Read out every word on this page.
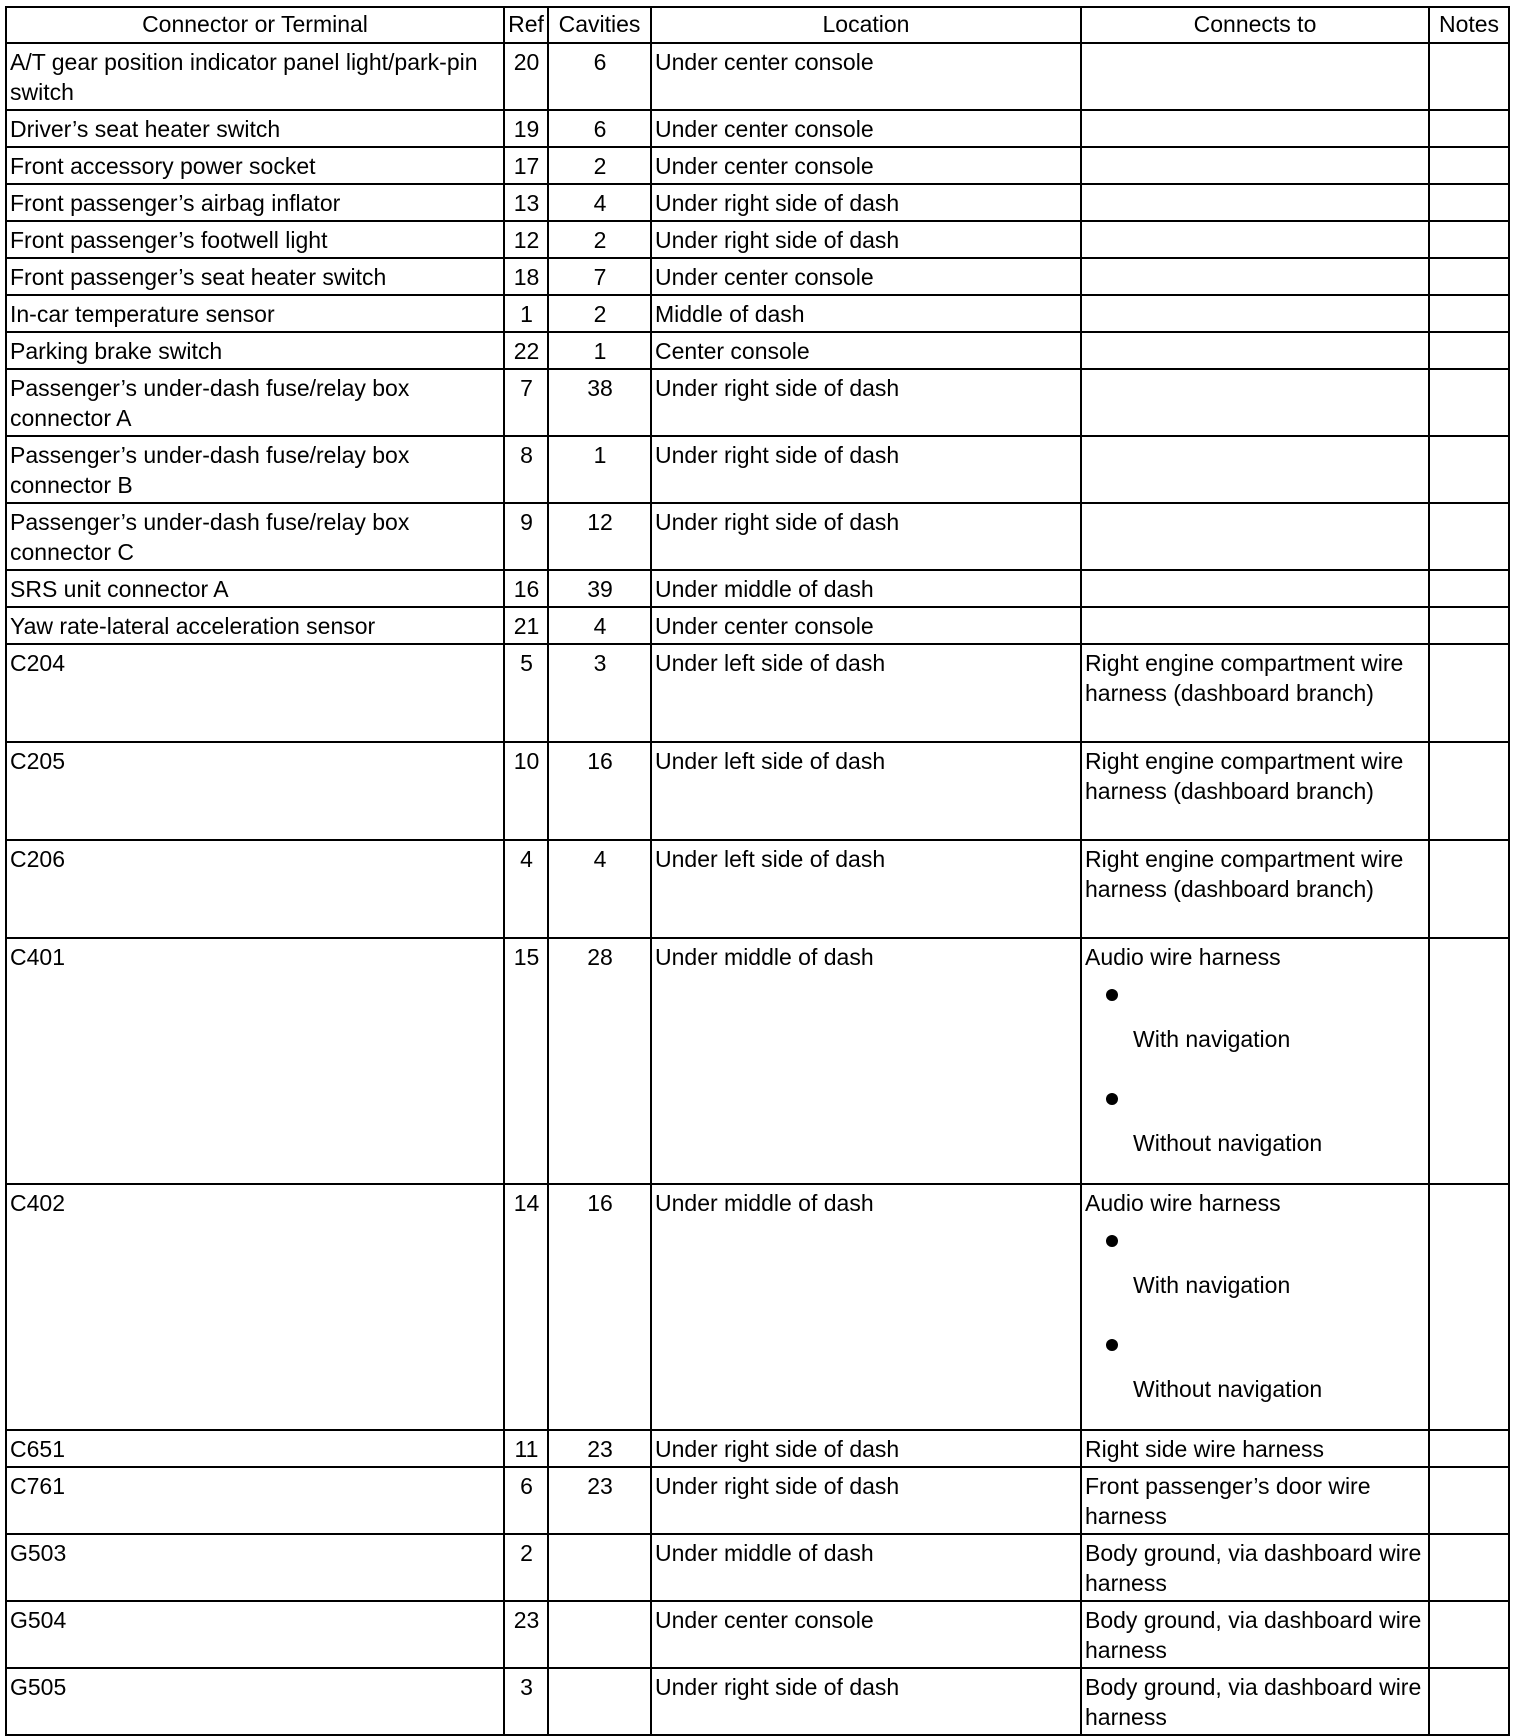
Connector or Terminal	Ref	Cavities	Location	Connects to	Notes
A/T gear position indicator panel light/park-pin switch	20	6	Under center console		
Driver’s seat heater switch	19	6	Under center console		
Front accessory power socket	17	2	Under center console		
Front passenger’s airbag inflator	13	4	Under right side of dash		
Front passenger’s footwell light	12	2	Under right side of dash		
Front passenger’s seat heater switch	18	7	Under center console		
In-car temperature sensor	1	2	Middle of dash		
Parking brake switch	22	1	Center console		
Passenger’s under-dash fuse/relay box connector A	7	38	Under right side of dash		
Passenger’s under-dash fuse/relay box connector B	8	1	Under right side of dash		
Passenger’s under-dash fuse/relay box connector C	9	12	Under right side of dash		
SRS unit connector A	16	39	Under middle of dash		
Yaw rate-lateral acceleration sensor	21	4	Under center console		
C204	5	3	Under left side of dash	Right engine compartment wire harness (dashboard branch)	
C205	10	16	Under left side of dash	Right engine compartment wire harness (dashboard branch)	
C206	4	4	Under left side of dash	Right engine compartment wire harness (dashboard branch)	
C401	15	28	Under middle of dash	Audio wire harness
With navigation
Without navigation	

C402	14	16	Under middle of dash	Audio wire harness
With navigation
Without navigation	

C651	11	23	Under right side of dash	Right side wire harness	
C761	6	23	Under right side of dash	Front passenger’s door wire harness	
G503	2		Under middle of dash	Body ground, via dashboard wire harness	
G504	23		Under center console	Body ground, via dashboard wire harness	
G505	3		Under right side of dash	Body ground, via dashboard wire harness	
